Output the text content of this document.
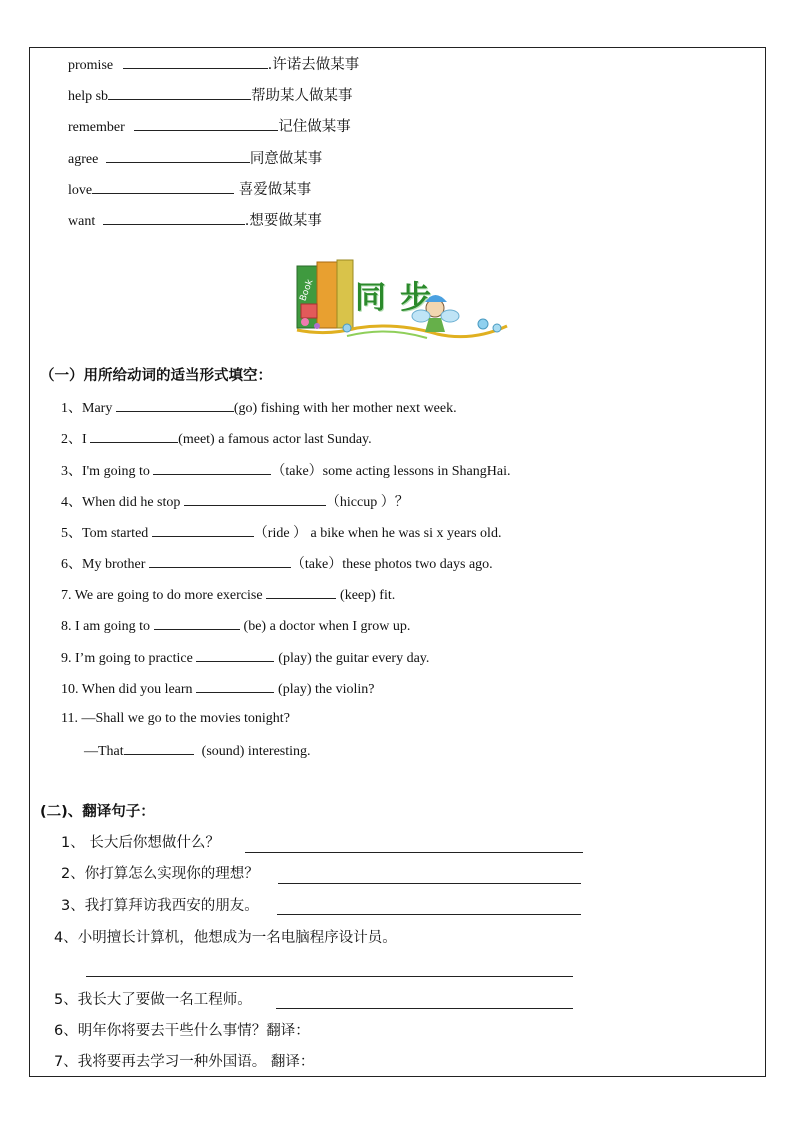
promise	.许诺去做某事
help sb	帮助某人做某事
remember	记住做某事
agree	同意做某事
love	喜爱做某事
want	.想要做某事
Book 同步
（一）用所给动词的适当形式填空：
1、Mary	(go) fishing with her mother next week.
2、I	(meet) a famous actor last Sunday.
3、I'm going to	（take）some acting lessons in ShangHai.
4、When did he stop	（hiccup ）？
5、Tom started	（ride ） a bike when he was si x years old.
6、My brother	（take）these photos two days ago.
7. We are going to do more exercise	(keep) fit.
8. I am going to	(be) a doctor when I grow up.
9. I’m going to practice	(play) the guitar every day.
10. When did you learn	(play) the violin?
11. —Shall we go to the movies tonight?
—That	(sound) interesting.
(二)、翻译句子：
1、 长大后你想做什么？
2、你打算怎么实现你的理想？
3、我打算拜访我西安的朋友。
4、小明擅长计算机，他想成为一名电脑程序设计员。
5、我长大了要做一名工程师。
6、明年你将要去干些什么事情？翻译：
7、我将要再去学习一种外国语。 翻译：
